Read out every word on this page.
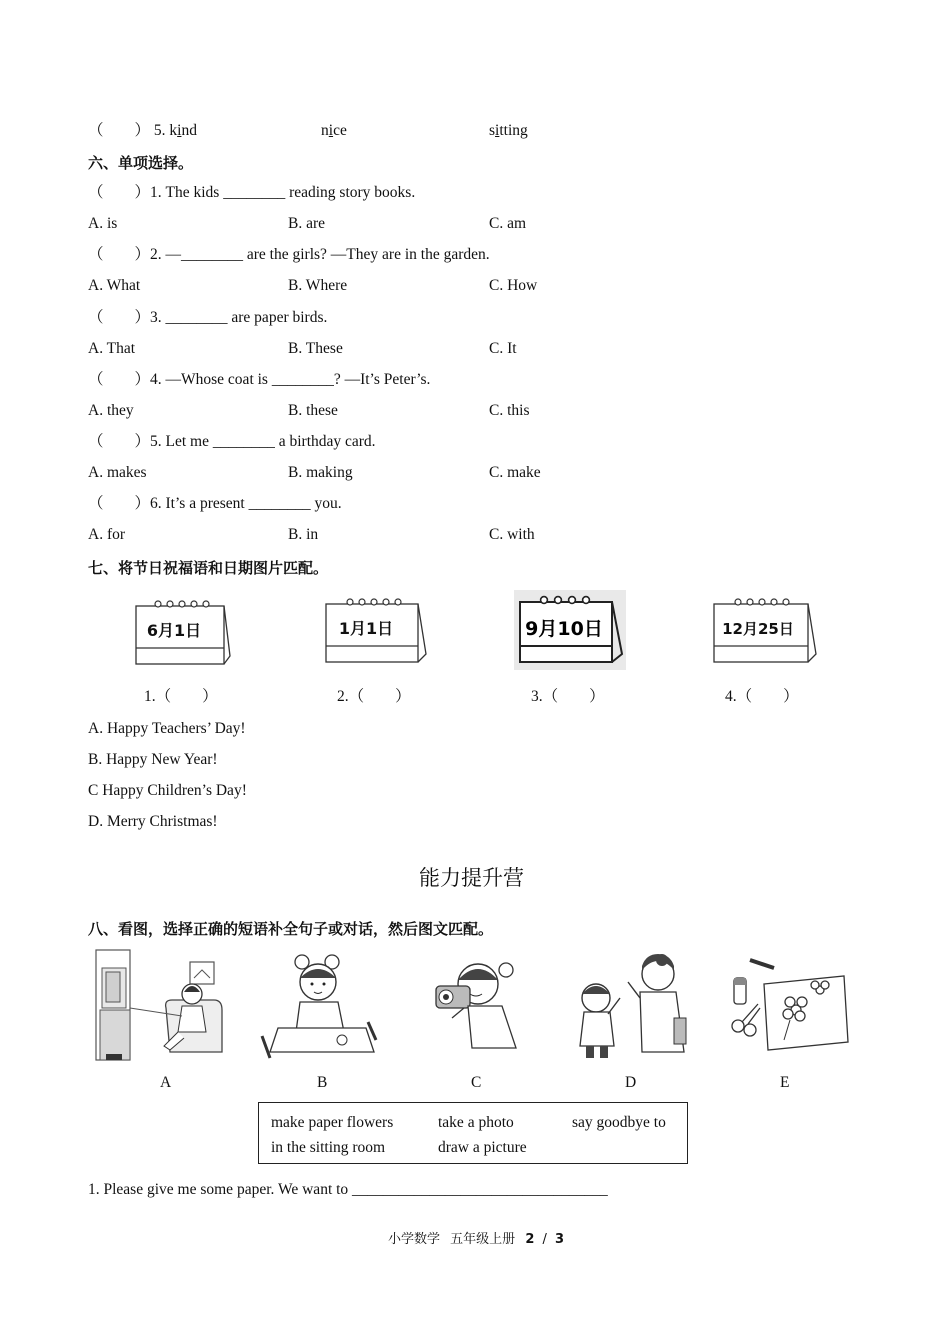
（　　） 5. kind	nice	sitting
六、单项选择。
（　　）1. The kids ________ reading story books.
A. is	B. are	C. am
（　　）2. —________ are the girls? —They are in the garden.
A. What	B. Where	C. How
（　　）3. ________ are paper birds.
A. That	B. These	C. It
（　　）4. —Whose coat is ________? —It’s Peter’s.
A. they	B. these	C. this
（　　）5. Let me ________ a birthday card.
A. makes	B. making	C. make
（　　）6. It’s a present ________ you.
A. for	B. in	C. with
七、将节日祝福语和日期图片匹配。
6月1日	1月1日	9月10日	12月25日
1.（　　）	2.（　　）	3.（　　）	4.（　　）
A. Happy Teachers’ Day!
B. Happy New Year!
C Happy Children’s Day!
D. Merry Christmas!
能力提升营
八、看图，选择正确的短语补全句子或对话，然后图文匹配。
A	B	C	D	E
make paper flowers	take a photo	say goodbye to
in the sitting room	draw a picture
1. Please give me some paper. We want to _________________________________
小学数学 五年级上册 2 / 3
